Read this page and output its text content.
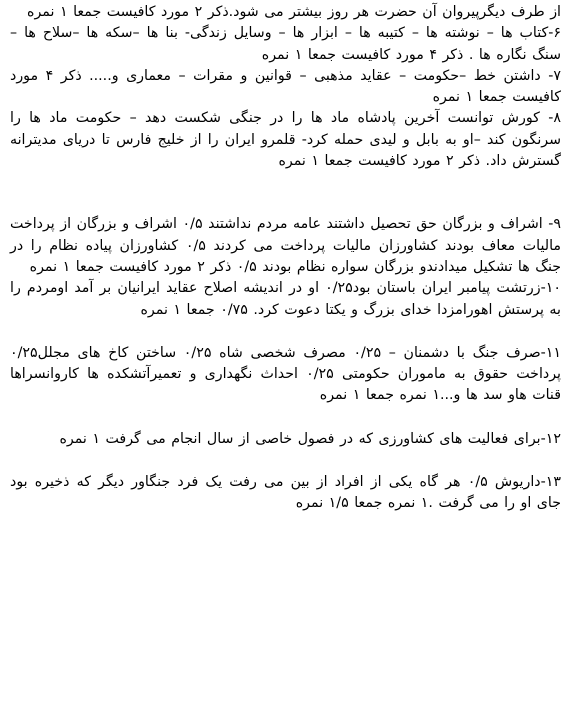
از طرف دیگرپیروان آن حضرت هر روز بیشتر می شود.ذکر ۲ مورد کافیست جمعا ۱ نمره

۶-کتاب ها – نوشته ها – کتیبه ها – ابزار ها – وسایل زندگی- بنا ها –سکه ها –سلاح ها – سنگ نگاره ها . ذکر ۴ مورد کافیست جمعا ۱ نمره

۷- داشتن خط –حکومت – عقاید مذهبی – قوانین و مقرات – معماری و..... ذکر ۴ مورد کافیست جمعا ۱ نمره

۸- کورش توانست آخرین پادشاه ماد ها را در جنگی شکست دهد – حکومت ماد ها را سرنگون کند –او به بابل و لیدی حمله کرد- قلمرو ایران را از خلیج فارس تا دریای مدیترانه گسترش داد. ذکر ۲ مورد کافیست جمعا ۱ نمره

۹- اشراف و بزرگان حق تحصیل داشتند عامه مردم نداشتند ۰/۵ اشراف و بزرگان از پرداخت مالیات معاف بودند کشاورزان مالیات پرداخت می کردند ۰/۵ کشاورزان پیاده نظام را در جنگ ها تشکیل میدادندو بزرگان سواره نظام بودند ۰/۵ ذکر ۲ مورد کافیست جمعا ۱ نمره

۱۰-زرتشت پیامبر ایران باستان بود۰/۲۵ او در اندیشه اصلاح عقاید ایرانیان بر آمد اومردم را به پرستش اهورامزدا خدای بزرگ و یکتا دعوت کرد. ۰/۷۵ جمعا ۱ نمره

۱۱-صرف جنگ با دشمنان – ۰/۲۵ مصرف شخصی شاه ۰/۲۵ ساختن کاخ های مجلل۰/۲۵ پرداخت حقوق به ماموران حکومتی ۰/۲۵ احداث نگهداری و تعمیرآتشکده ها کاروانسراها قنات هاو سد ها و...۱ نمره جمعا ۱ نمره

۱۲-برای فعالیت های کشاورزی که در فصول خاصی از سال انجام می گرفت ۱ نمره

۱۳-داریوش ۰/۵ هر گاه یکی از افراد از بین می رفت یک فرد جنگاور دیگر که ذخیره بود جای او را می گرفت .۱ نمره جمعا ۱/۵ نمره
